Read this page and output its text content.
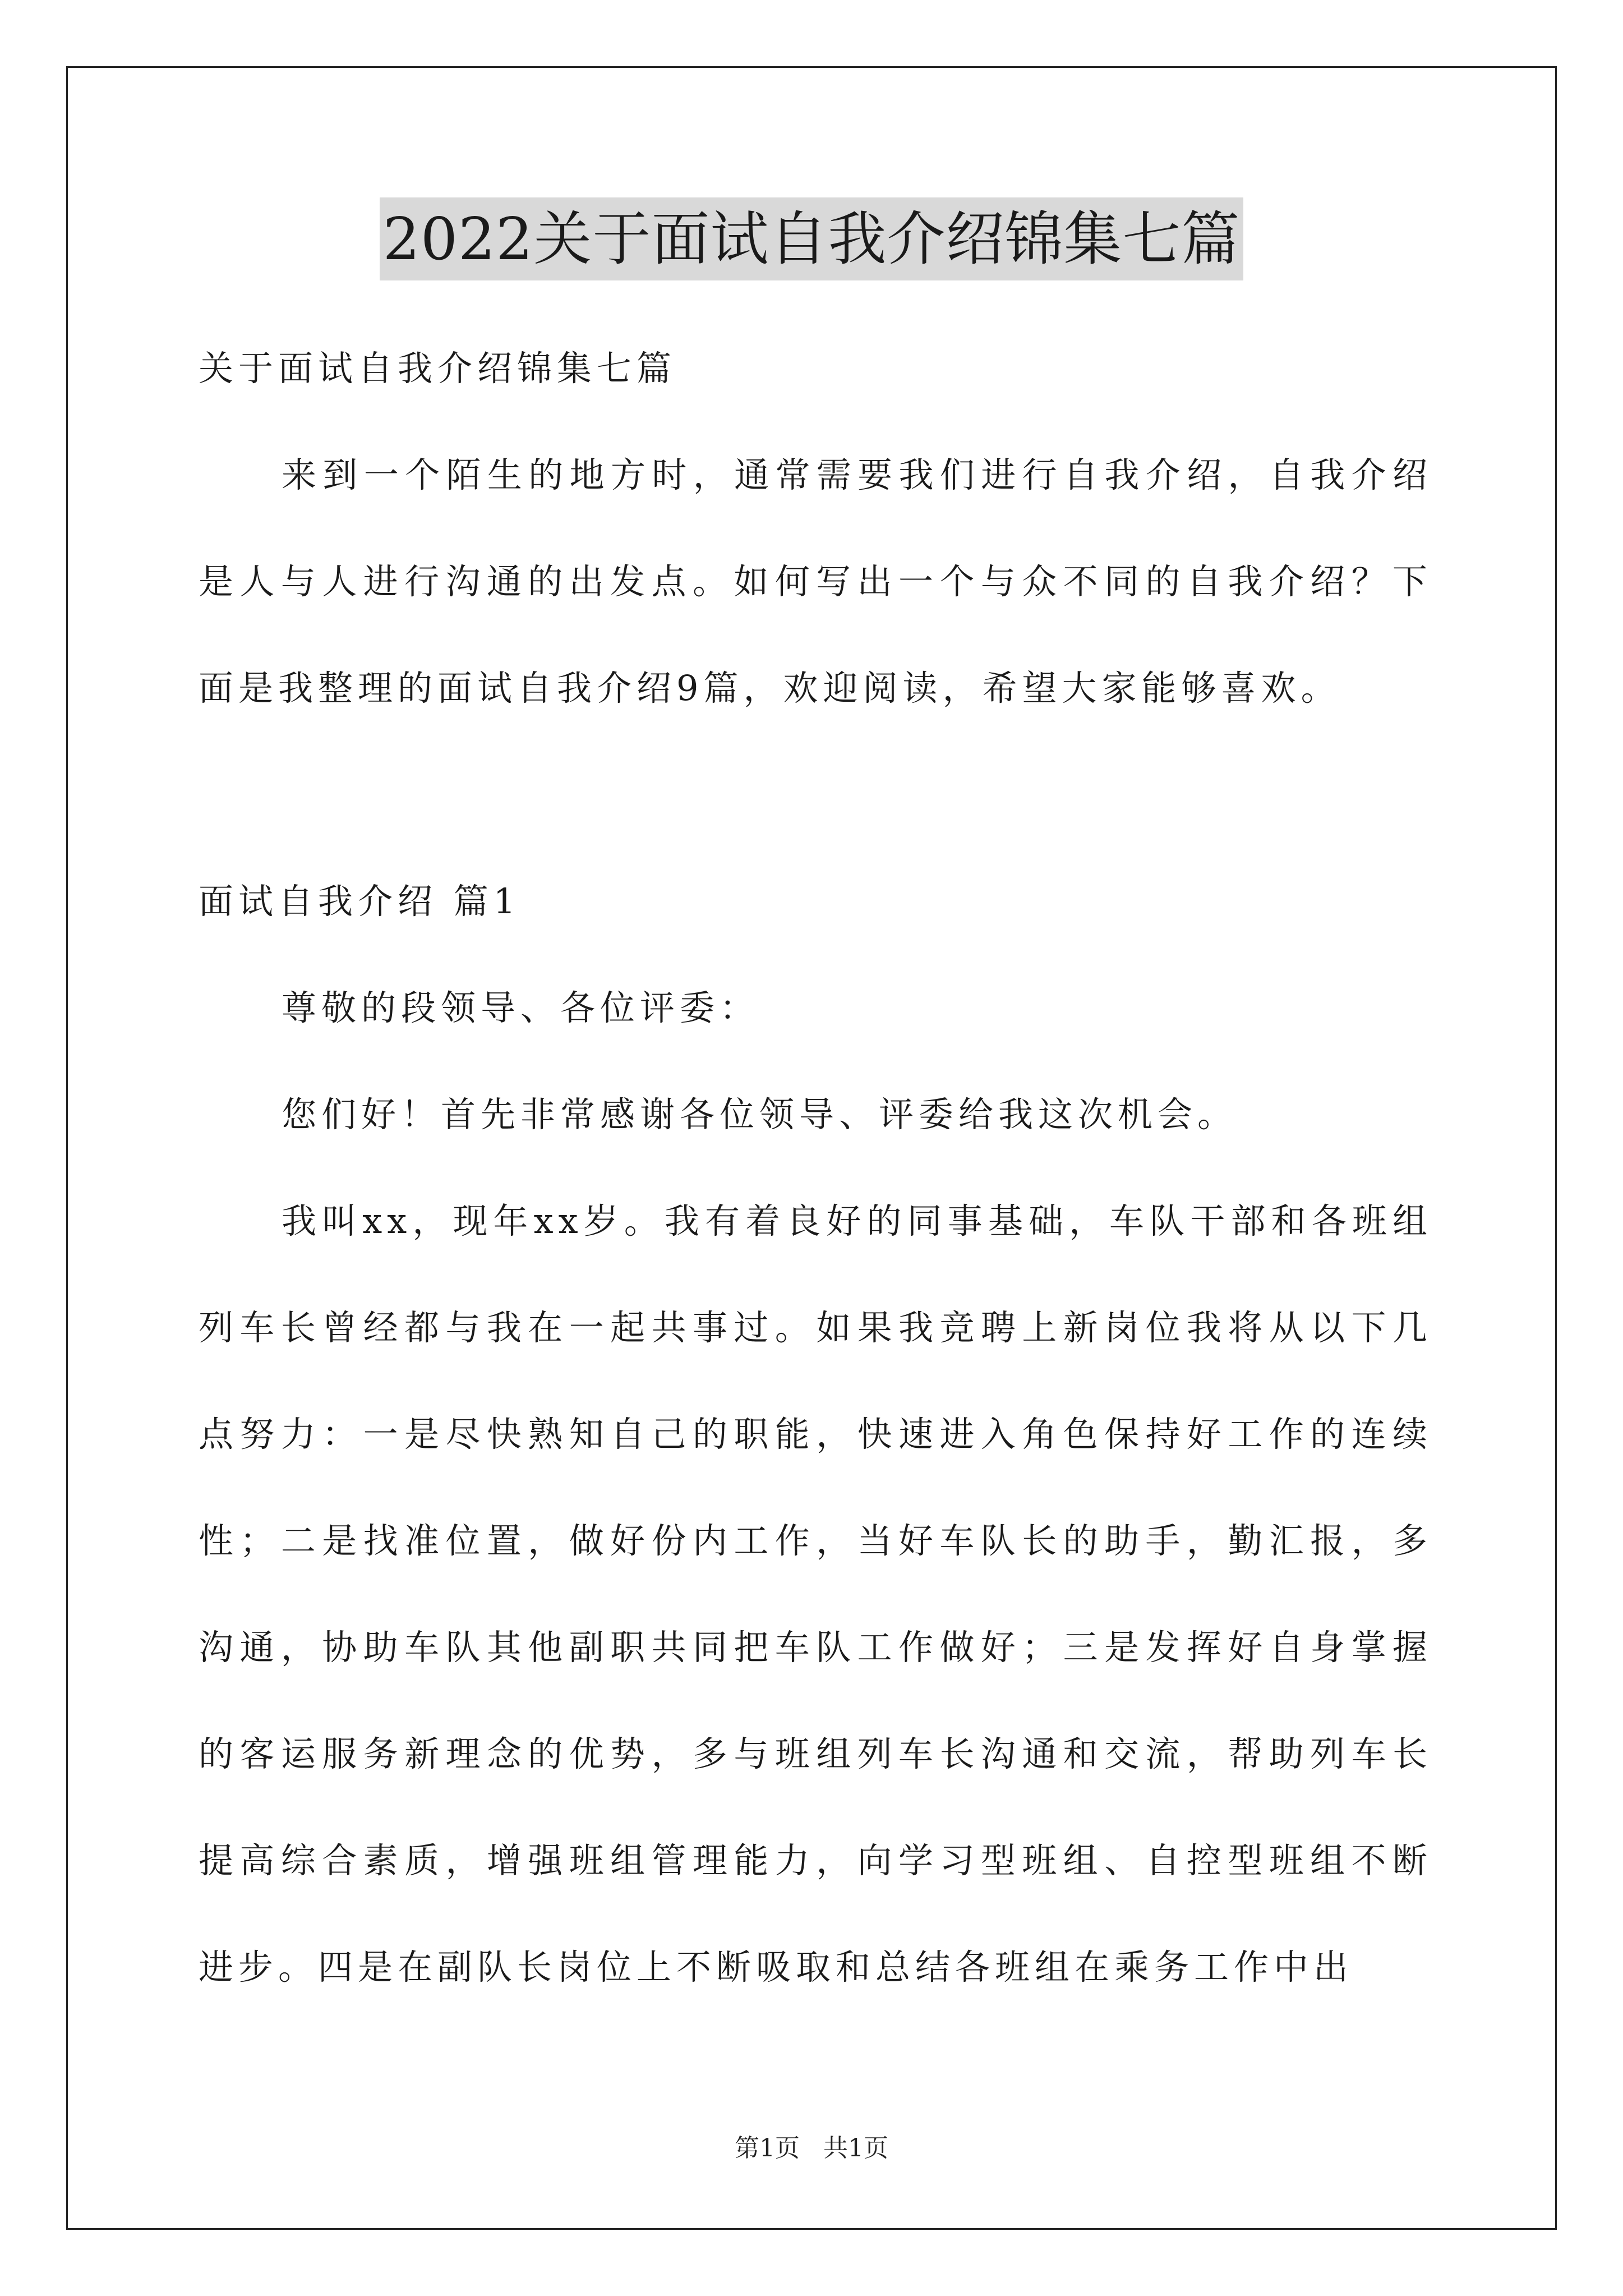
2022关于面试自我介绍锦集七篇

关于面试自我介绍锦集七篇

来到一个陌生的地方时，通常需要我们进行自我介绍，自我介绍是人与人进行沟通的出发点。如何写出一个与众不同的自我介绍？下面是我整理的面试自我介绍9篇，欢迎阅读，希望大家能够喜欢。

面试自我介绍 篇1

尊敬的段领导、各位评委：

您们好！首先非常感谢各位领导、评委给我这次机会。

我叫xx，现年xx岁。我有着良好的同事基础，车队干部和各班组列车长曾经都与我在一起共事过。如果我竞聘上新岗位我将从以下几点努力：一是尽快熟知自己的职能，快速进入角色保持好工作的连续性；二是找准位置，做好份内工作，当好车队长的助手，勤汇报，多沟通，协助车队其他副职共同把车队工作做好；三是发挥好自身掌握的客运服务新理念的优势，多与班组列车长沟通和交流，帮助列车长提高综合素质，增强班组管理能力，向学习型班组、自控型班组不断进步。四是在副队长岗位上不断吸取和总结各班组在乘务工作中出

第1页 共1页
